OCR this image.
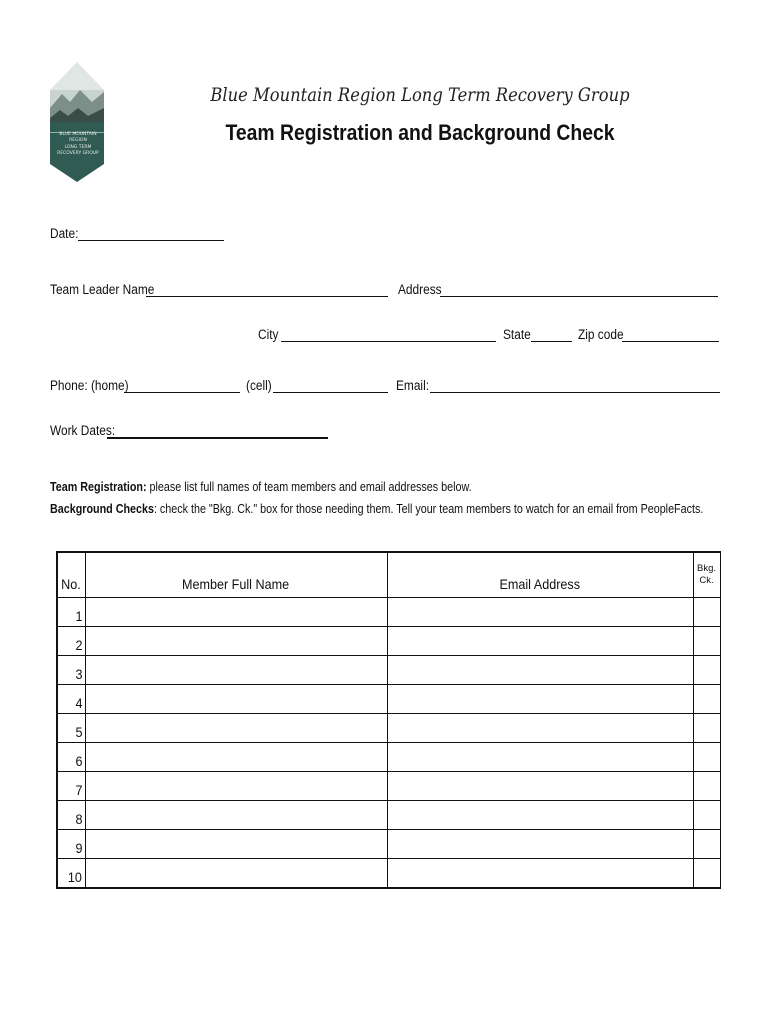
BLUE MOUNTAIN REGION
LONG TERM RECOVERY GROUP
Blue Mountain Region Long Term Recovery Group
Team Registration and Background Check
Date:
Team Leader Name	Address
City	State	Zip code
Phone: (home)	(cell)	Email:
Work Dates:
Team Registration: please list full names of team members and email addresses below.
Background Checks: check the "Bkg. Ck." box for those needing them. Tell your team members to watch for an email from PeopleFacts.
No.	Member Full Name	Email Address	Bkg.
Ck.

1			
2			
3			
4			
5			
6			
7			
8			
9			
10			
